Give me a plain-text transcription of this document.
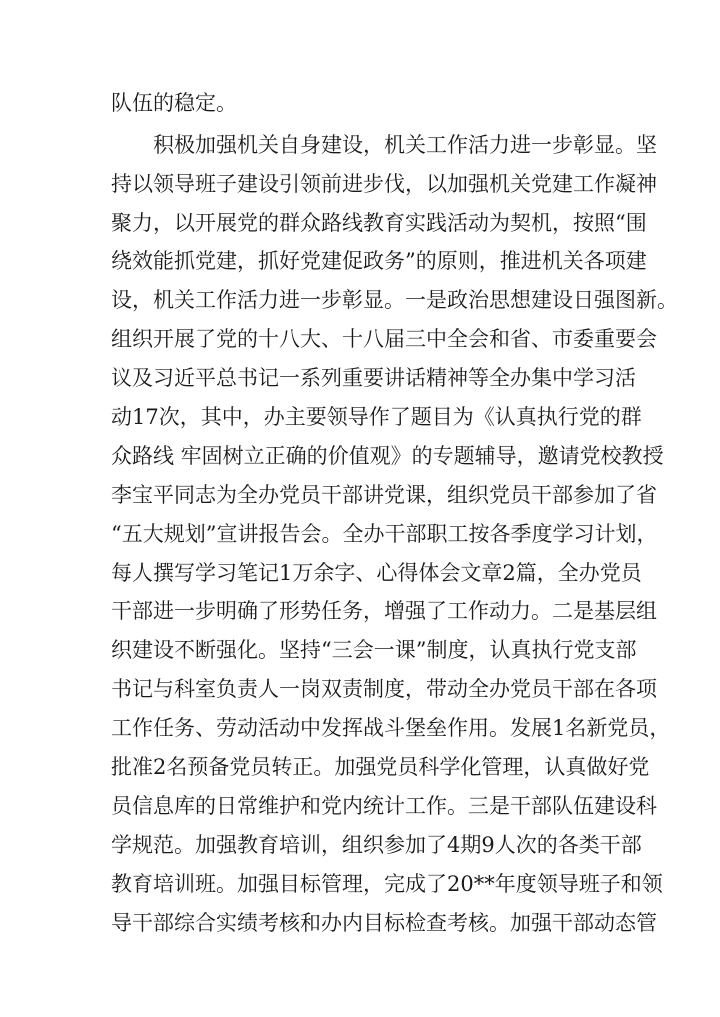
队伍的稳定。
积极加强机关自身建设，机关工作活力进一步彰显。坚
持以领导班子建设引领前进步伐，以加强机关党建工作凝神
聚力，以开展党的群众路线教育实践活动为契机，按照“围
绕效能抓党建，抓好党建促政务”的原则，推进机关各项建
设，机关工作活力进一步彰显。一是政治思想建设日强图新。
组织开展了党的十八大、十八届三中全会和省、市委重要会
议及习近平总书记一系列重要讲话精神等全办集中学习活
动17次，其中，办主要领导作了题目为《认真执行党的群
众路线 牢固树立正确的价值观》的专题辅导，邀请党校教授
李宝平同志为全办党员干部讲党课，组织党员干部参加了省
“五大规划”宣讲报告会。全办干部职工按各季度学习计划，
每人撰写学习笔记1万余字、心得体会文章2篇，全办党员
干部进一步明确了形势任务，增强了工作动力。二是基层组
织建设不断强化。坚持“三会一课”制度，认真执行党支部
书记与科室负责人一岗双责制度，带动全办党员干部在各项
工作任务、劳动活动中发挥战斗堡垒作用。发展1名新党员，
批准2名预备党员转正。加强党员科学化管理，认真做好党
员信息库的日常维护和党内统计工作。三是干部队伍建设科
学规范。加强教育培训，组织参加了4期9人次的各类干部
教育培训班。加强目标管理，完成了20**年度领导班子和领
导干部综合实绩考核和办内目标检查考核。加强干部动态管
